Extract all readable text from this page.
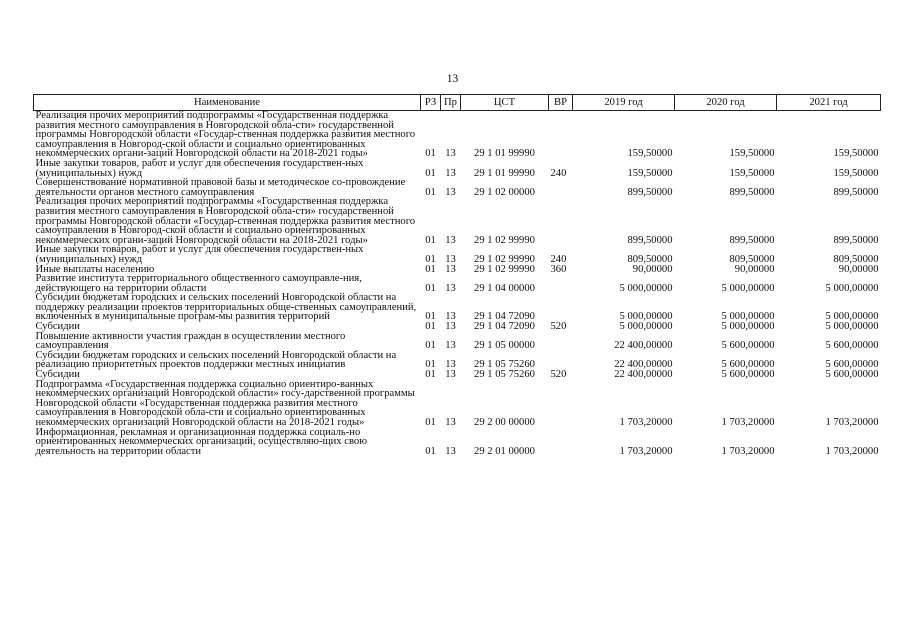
13
Наименование	РЗ	Пр	ЦСТ	ВР	2019 год	2020 год	2021 год
Реализация прочих мероприятий подпрограммы «Государственная поддержка развития местного самоуправления в Новгородской обла-сти» государственной программы Новгородской области «Государ-ственная поддержка развития местного самоуправления в Новгород-ской области и социально ориентированных некоммерческих органи-заций Новгородской области на 2018-2021 годы»	01	13	29 1 01 99990		159,50000	159,50000	159,50000
Иные закупки товаров, работ и услуг для обеспечения государствен-ных (муниципальных) нужд	01	13	29 1 01 99990	240	159,50000	159,50000	159,50000
Совершенствование нормативной правовой базы и методическое со-провождение деятельности органов местного самоуправления	01	13	29 1 02 00000		899,50000	899,50000	899,50000
Реализация прочих мероприятий подпрограммы «Государственная поддержка развития местного самоуправления в Новгородской обла-сти» государственной программы Новгородской области «Государ-ственная поддержка развития местного самоуправления в Новгород-ской области и социально ориентированных некоммерческих органи-заций Новгородской области на 2018-2021 годы»	01	13	29 1 02 99990		899,50000	899,50000	899,50000
Иные закупки товаров, работ и услуг для обеспечения государствен-ных (муниципальных) нужд	01	13	29 1 02 99990	240	809,50000	809,50000	809,50000
Иные выплаты населению	01	13	29 1 02 99990	360	90,00000	90,00000	90,00000
Развитие института территориального общественного самоуправле-ния, действующего на территории области	01	13	29 1 04 00000		5 000,00000	5 000,00000	5 000,00000
Субсидии бюджетам городских и сельских поселений Новгородской области на поддержку реализации проектов территориальных обще-ственных самоуправлений, включенных в муниципальные програм-мы развития территорий	01	13	29 1 04 72090		5 000,00000	5 000,00000	5 000,00000
Субсидии	01	13	29 1 04 72090	520	5 000,00000	5 000,00000	5 000,00000
Повышение активности участия граждан в осуществлении местного самоуправления	01	13	29 1 05 00000		22 400,00000	5 600,00000	5 600,00000
Субсидии бюджетам городских и сельских поселений Новгородской области на реализацию приоритетных проектов поддержки местных инициатив	01	13	29 1 05 75260		22 400,00000	5 600,00000	5 600,00000
Субсидии	01	13	29 1 05 75260	520	22 400,00000	5 600,00000	5 600,00000
Подпрограмма «Государственная поддержка социально ориентиро-ванных некоммерческих организаций Новгородской области» госу-дарственной программы Новгородской области «Государственная поддержка развития местного самоуправления в Новгородской обла-сти и социально ориентированных некоммерческих организаций Новгородской области на 2018-2021 годы»	01	13	29 2 00 00000		1 703,20000	1 703,20000	1 703,20000
Информационная, рекламная и организационная поддержка социаль-но ориентированных некоммерческих организаций, осуществляю-щих свою деятельность на территории области	01	13	29 2 01 00000		1 703,20000	1 703,20000	1 703,20000
